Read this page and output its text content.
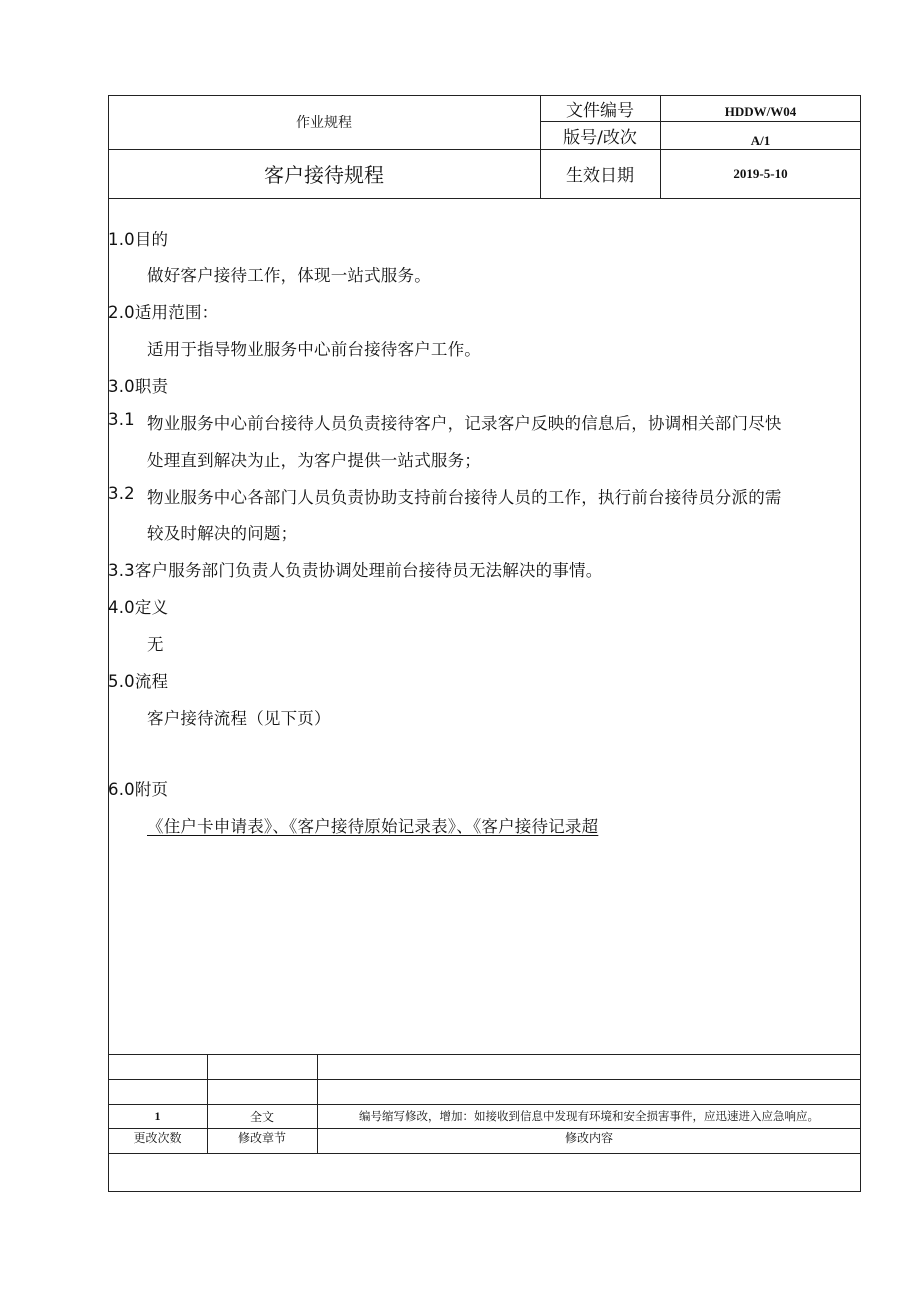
作业规程
客户接待规程
文件编号	HDDW/W04
版号/改次	A/1
生效日期	2019-5-10
1.0目的
做好客户接待工作，体现一站式服务。
2.0适用范围：
适用于指导物业服务中心前台接待客户工作。
3.0职责
3.1 物业服务中心前台接待人员负责接待客户，记录客户反映的信息后，协调相关部门尽快
处理直到解决为止，为客户提供一站式服务；
3.2 物业服务中心各部门人员负责协助支持前台接待人员的工作，执行前台接待员分派的需
较及时解决的问题；
3.3客户服务部门负责人负责协调处理前台接待员无法解决的事情。
4.0定义
无
5.0流程
客户接待流程（见下页）
6.0附页
《住户卡申请表》、《客户接待原始记录表》、《客户接待记录超
1	全文	编号缩写修改，增加：如接收到信息中发现有环境和安全损害事件，应迅速进入应急响应。
更改次数	修改章节	修改内容
